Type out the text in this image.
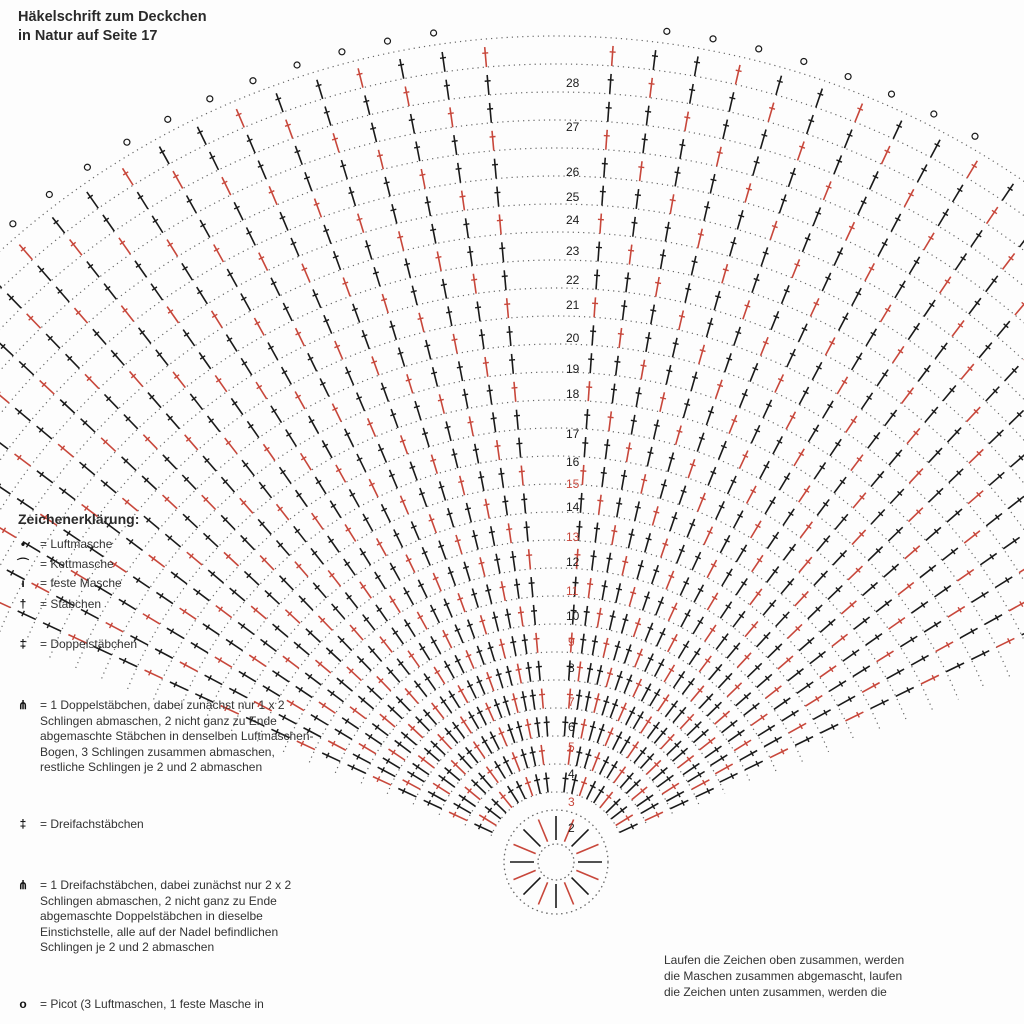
2
3
4
5
6
7
8
9
10
11
12
13
14
15
16
17
18
19
20
21
22
23
24
25
26
27
28
Häkelschrift zum Deckchen
in Natur auf Seite 17
Zeichenerklärung:
•	= Luftmasche
⌒ = Kettmasche
ı	= feste Masche
†	= Stäbchen
‡	= Doppelstäbchen
⋔ = 1 Doppelstäbchen, dabei zunächst nur 1 x 2 Schlingen abmaschen, 2 nicht ganz zu Ende abgemaschte Stäbchen in denselben Luftmaschen-Bogen, 3 Schlingen zusammen abmaschen, restliche Schlingen je 2 und 2 abmaschen
‡	= Dreifachstäbchen
⋔ = 1 Dreifachstäbchen, dabei zunächst nur 2 x 2 Schlingen abmaschen, 2 nicht ganz zu Ende abgemaschte Doppelstäbchen in dieselbe Einstichstelle, alle auf der Nadel befindlichen Schlingen je 2 und 2 abmaschen
o = Picot (3 Luftmaschen, 1 feste Masche in
Laufen die Zeichen oben zusammen, werden
die Maschen zusammen abgemascht, laufen
die Zeichen unten zusammen, werden die
